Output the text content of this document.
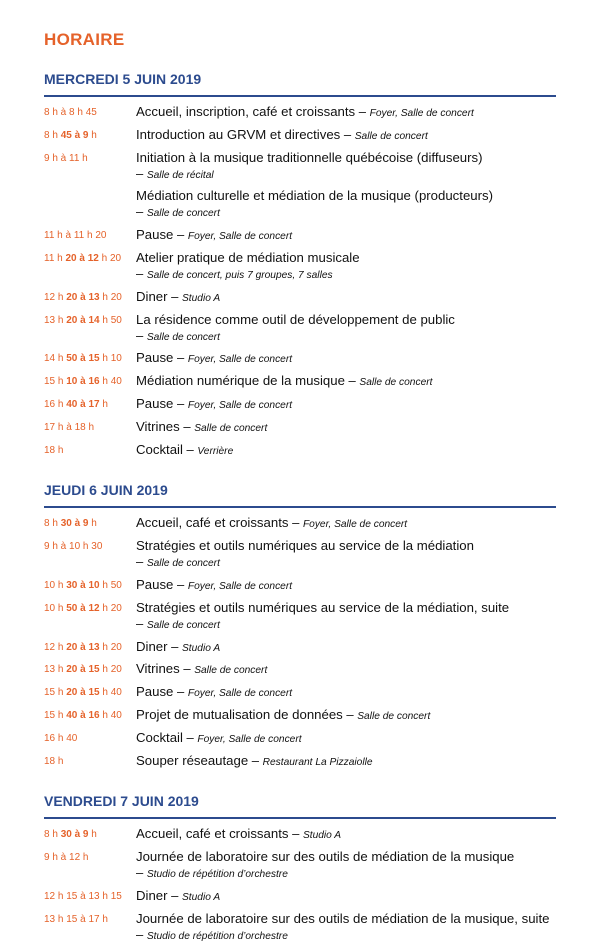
HORAIRE
MERCREDI 5 JUIN 2019
8 h à 8 h 45	Accueil, inscription, café et croissants – Foyer, Salle de concert
8 h 45 à 9 h	Introduction au GRVM et directives – Salle de concert
9 h à 11 h	Initiation à la musique traditionnelle québécoise (diffuseurs)
– Salle de récital
Médiation culturelle et médiation de la musique (producteurs)
– Salle de concert
11 h à 11 h 20	Pause – Foyer, Salle de concert
11 h 20 à 12 h 20	Atelier pratique de médiation musicale
– Salle de concert, puis 7 groupes, 7 salles
12 h 20 à 13 h 20	Diner – Studio A
13 h 20 à 14 h 50	La résidence comme outil de développement de public
– Salle de concert
14 h 50 à 15 h 10	Pause – Foyer, Salle de concert
15 h 10 à 16 h 40	Médiation numérique de la musique – Salle de concert
16 h 40 à 17 h	Pause – Foyer, Salle de concert
17 h à 18 h	Vitrines – Salle de concert
18 h	Cocktail – Verrière
JEUDI 6 JUIN 2019
8 h 30 à 9 h	Accueil, café et croissants – Foyer, Salle de concert
9 h à 10 h 30	Stratégies et outils numériques au service de la médiation
– Salle de concert
10 h 30 à 10 h 50	Pause – Foyer, Salle de concert
10 h 50 à 12 h 20	Stratégies et outils numériques au service de la médiation, suite
– Salle de concert
12 h 20 à 13 h 20	Diner – Studio A
13 h 20 à 15 h 20	Vitrines – Salle de concert
15 h 20 à 15 h 40	Pause – Foyer, Salle de concert
15 h 40 à 16 h 40	Projet de mutualisation de données – Salle de concert
16 h 40	Cocktail – Foyer, Salle de concert
18 h	Souper réseautage – Restaurant La Pizzaiolle
VENDREDI 7 JUIN 2019
8 h 30 à 9 h	Accueil, café et croissants – Studio A
9 h à 12 h	Journée de laboratoire sur des outils de médiation de la musique
– Studio de répétition d’orchestre
12 h 15 à 13 h 15	Diner – Studio A
13 h 15 à 17 h	Journée de laboratoire sur des outils de médiation de la musique, suite – Studio de répétition d’orchestre
